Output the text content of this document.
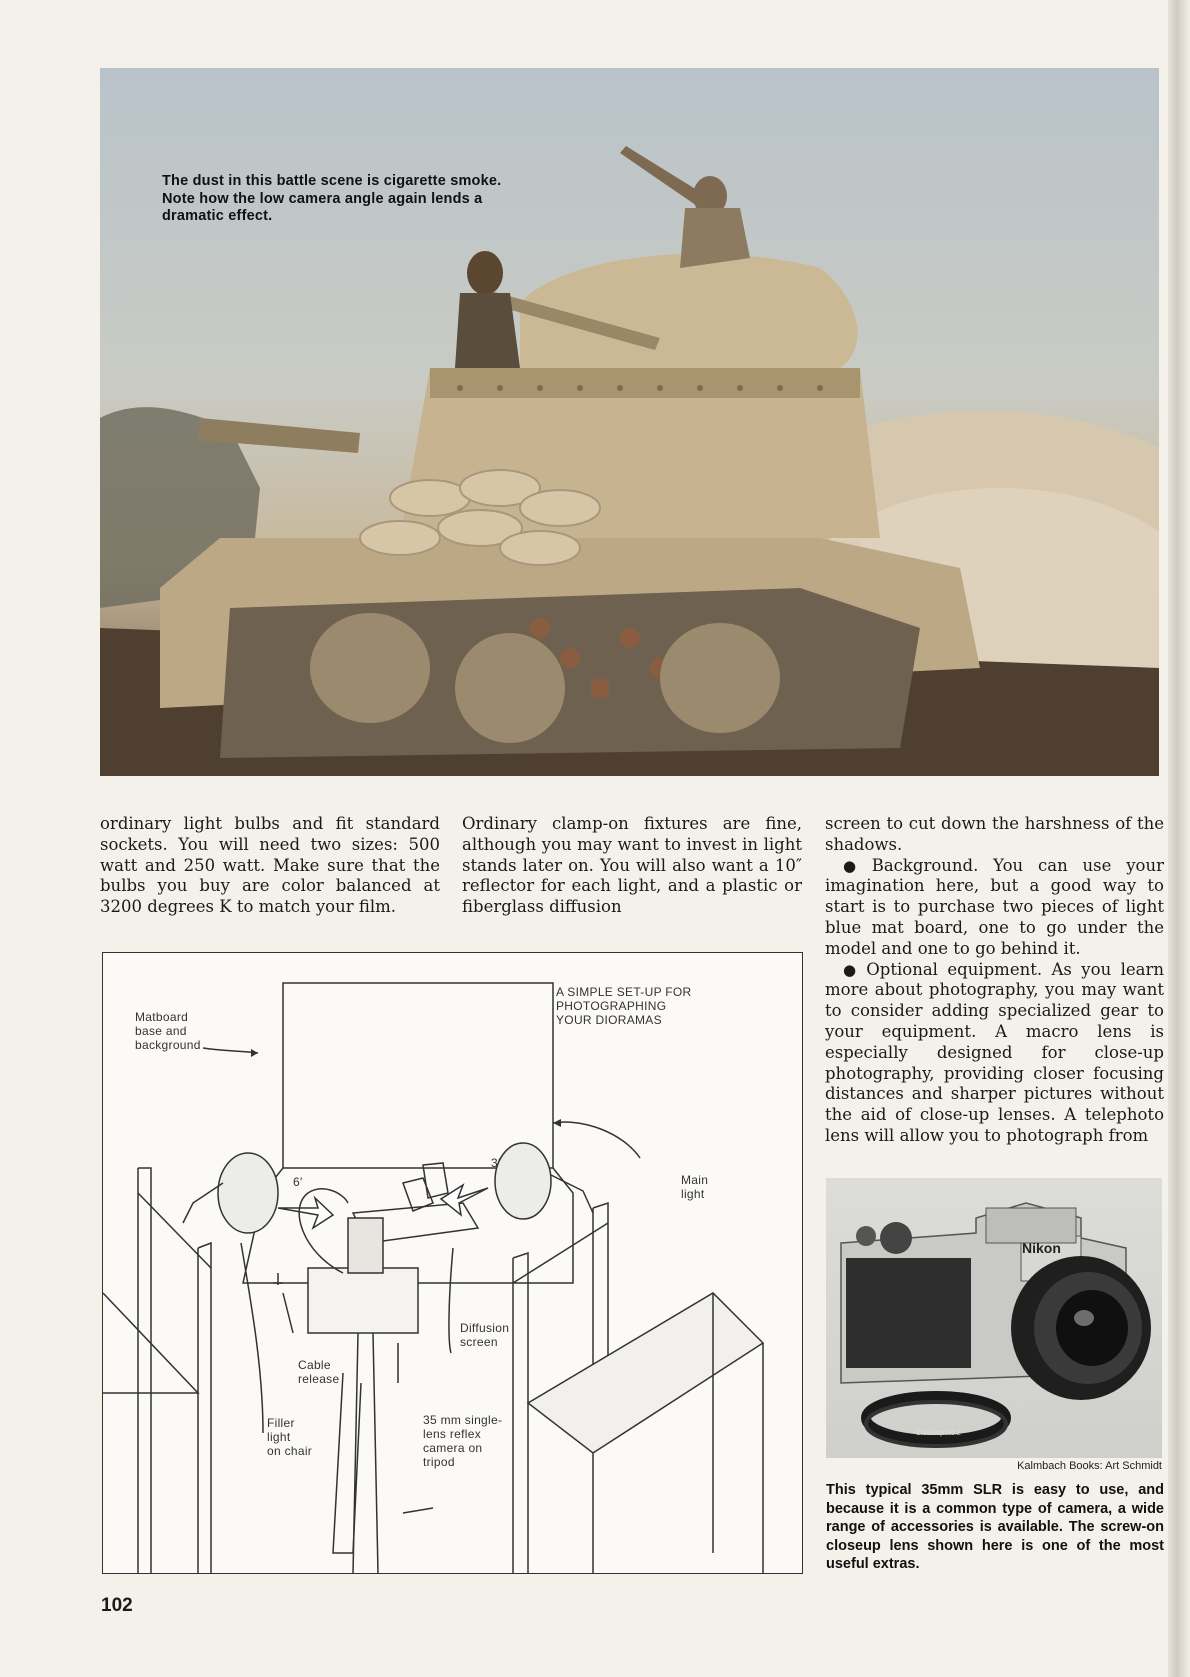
The dust in this battle scene is cigarette smoke. Note how the low camera angle again lends a dramatic effect.

ordinary light bulbs and fit standard sockets. You will need two sizes: 500 watt and 250 watt. Make sure that the bulbs you buy are color balanced at 3200 degrees K to match your film.

Ordinary clamp-on fixtures are fine, although you may want to invest in light stands later on. You will also want a 10″ reflector for each light, and a plastic or fiberglass diffusion

screen to cut down the harshness of the shadows.

● Background. You can use your imagination here, but a good way to start is to purchase two pieces of light blue mat board, one to go under the model and one to go behind it.

● Optional equipment. As you learn more about photography, you may want to consider adding specialized gear to your equipment. A macro lens is especially designed for close-up photography, providing closer focusing distances and sharper pictures without the aid of close-up lenses. A telephoto lens will allow you to photograph from

A SIMPLE SET-UP FOR
PHOTOGRAPHING
YOUR DIORAMAS
Matboard
base and
background
6′
3′
Main
light
Diffusion
screen
Cable
release
Filler
light
on chair
35 mm single-
lens reflex
camera on
tripod
Nikon
Close-up No.2
Kalmbach Books: Art Schmidt
This typical 35mm SLR is easy to use, and because it is a common type of camera, a wide range of accessories is available. The screw-on closeup lens shown here is one of the most useful extras.
102
